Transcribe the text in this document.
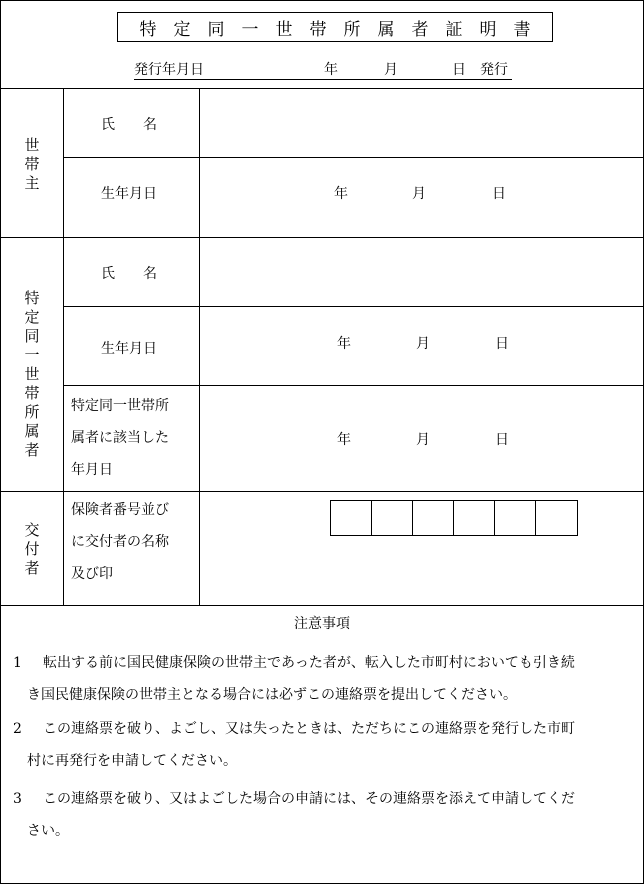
特定同一世帯所属者証明書
発行年月日	年	月	日 発行
世帯主
氏　　名
生年月日	年	月	日
特定同一世帯所属者
氏　　名
生年月日	年	月	日
特定同一世帯所
属者に該当した
年月日
年	月	日
交付者
保険者番号並び
に交付者の名称
及び印
注意事項
1 転出する前に国民健康保険の世帯主であった者が、転入した市町村においても引き続
き国民健康保険の世帯主となる場合には必ずこの連絡票を提出してください。
2 この連絡票を破り、よごし、又は失ったときは、ただちにこの連絡票を発行した市町
村に再発行を申請してください。
3 この連絡票を破り、又はよごした場合の申請には、その連絡票を添えて申請してくだ
さい。
